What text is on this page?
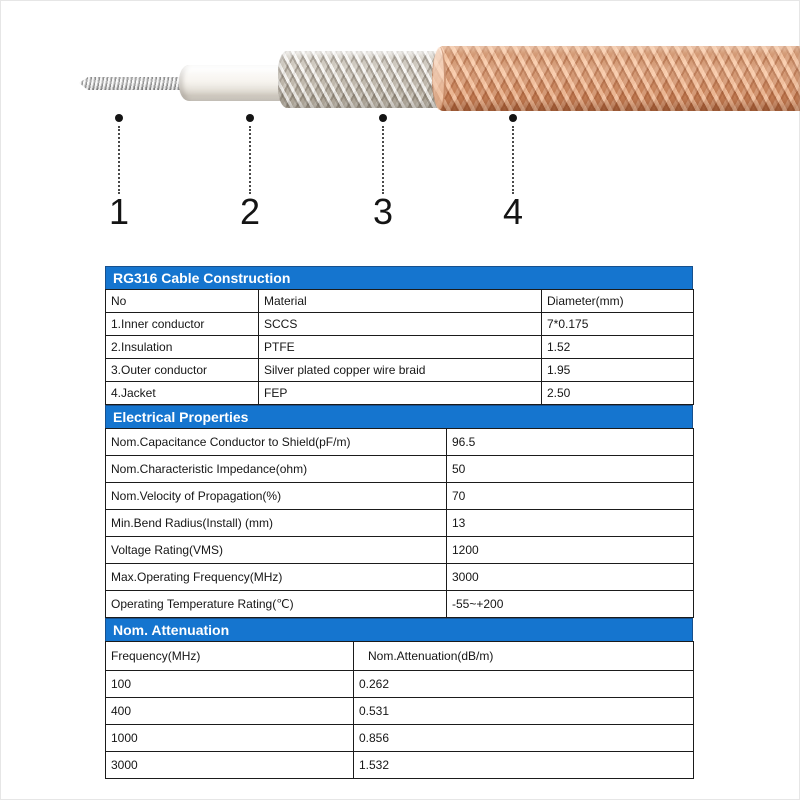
1	2	3	4
RG316 Cable Construction
No	Material	Diameter(mm)
1.Inner conductor	SCCS	7*0.175
2.Insulation	PTFE	1.52
3.Outer conductor	Silver plated copper wire braid	1.95
4.Jacket	FEP	2.50
Electrical Properties
Nom.Capacitance Conductor to Shield(pF/m)	96.5
Nom.Characteristic Impedance(ohm)	50
Nom.Velocity of Propagation(%)	70
Min.Bend Radius(Install) (mm)	13
Voltage Rating(VMS)	1200
Max.Operating Frequency(MHz)	3000
Operating Temperature Rating(℃)	-55~+200
Nom. Attenuation
Frequency(MHz)	Nom.Attenuation(dB/m)
100	0.262
400	0.531
1000	0.856
3000	1.532
